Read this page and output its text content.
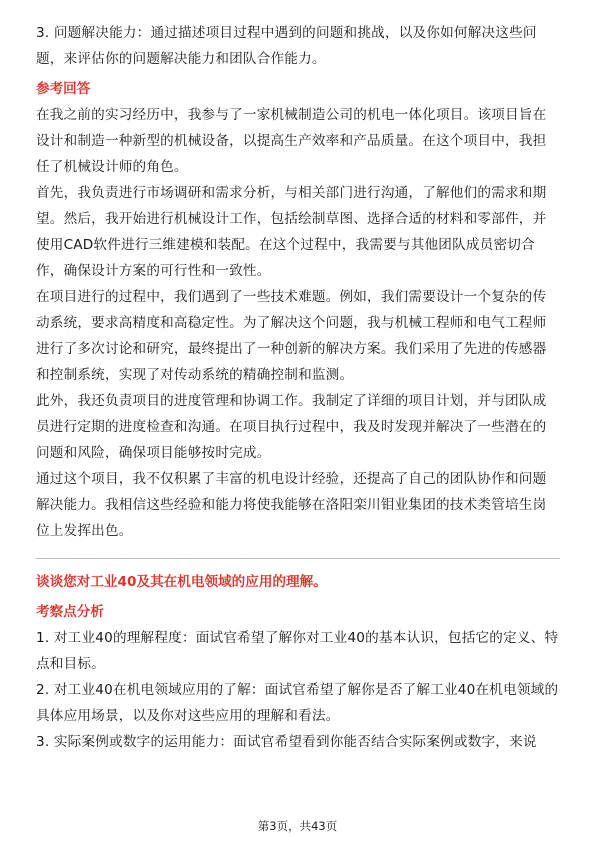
3. 问题解决能力：通过描述项目过程中遇到的问题和挑战，以及你如何解决这些问题，来评估你的问题解决能力和团队合作能力。

参考回答

在我之前的实习经历中，我参与了一家机械制造公司的机电一体化项目。该项目旨在设计和制造一种新型的机械设备，以提高生产效率和产品质量。在这个项目中，我担任了机械设计师的角色。

首先，我负责进行市场调研和需求分析，与相关部门进行沟通，了解他们的需求和期望。然后，我开始进行机械设计工作，包括绘制草图、选择合适的材料和零部件，并使用CAD软件进行三维建模和装配。在这个过程中，我需要与其他团队成员密切合作，确保设计方案的可行性和一致性。

在项目进行的过程中，我们遇到了一些技术难题。例如，我们需要设计一个复杂的传动系统，要求高精度和高稳定性。为了解决这个问题，我与机械工程师和电气工程师进行了多次讨论和研究，最终提出了一种创新的解决方案。我们采用了先进的传感器和控制系统，实现了对传动系统的精确控制和监测。

此外，我还负责项目的进度管理和协调工作。我制定了详细的项目计划，并与团队成员进行定期的进度检查和沟通。在项目执行过程中，我及时发现并解决了一些潜在的问题和风险，确保项目能够按时完成。

通过这个项目，我不仅积累了丰富的机电设计经验，还提高了自己的团队协作和问题解决能力。我相信这些经验和能力将使我能够在洛阳栾川钼业集团的技术类管培生岗位上发挥出色。

谈谈您对工业40及其在机电领域的应用的理解。
考察点分析

1. 对工业40的理解程度：面试官希望了解你对工业40的基本认识，包括它的定义、特点和目标。

2. 对工业40在机电领域应用的了解：面试官希望了解你是否了解工业40在机电领域的具体应用场景，以及你对这些应用的理解和看法。

3. 实际案例或数字的运用能力：面试官希望看到你能否结合实际案例或数字，来说

第3页，共43页
